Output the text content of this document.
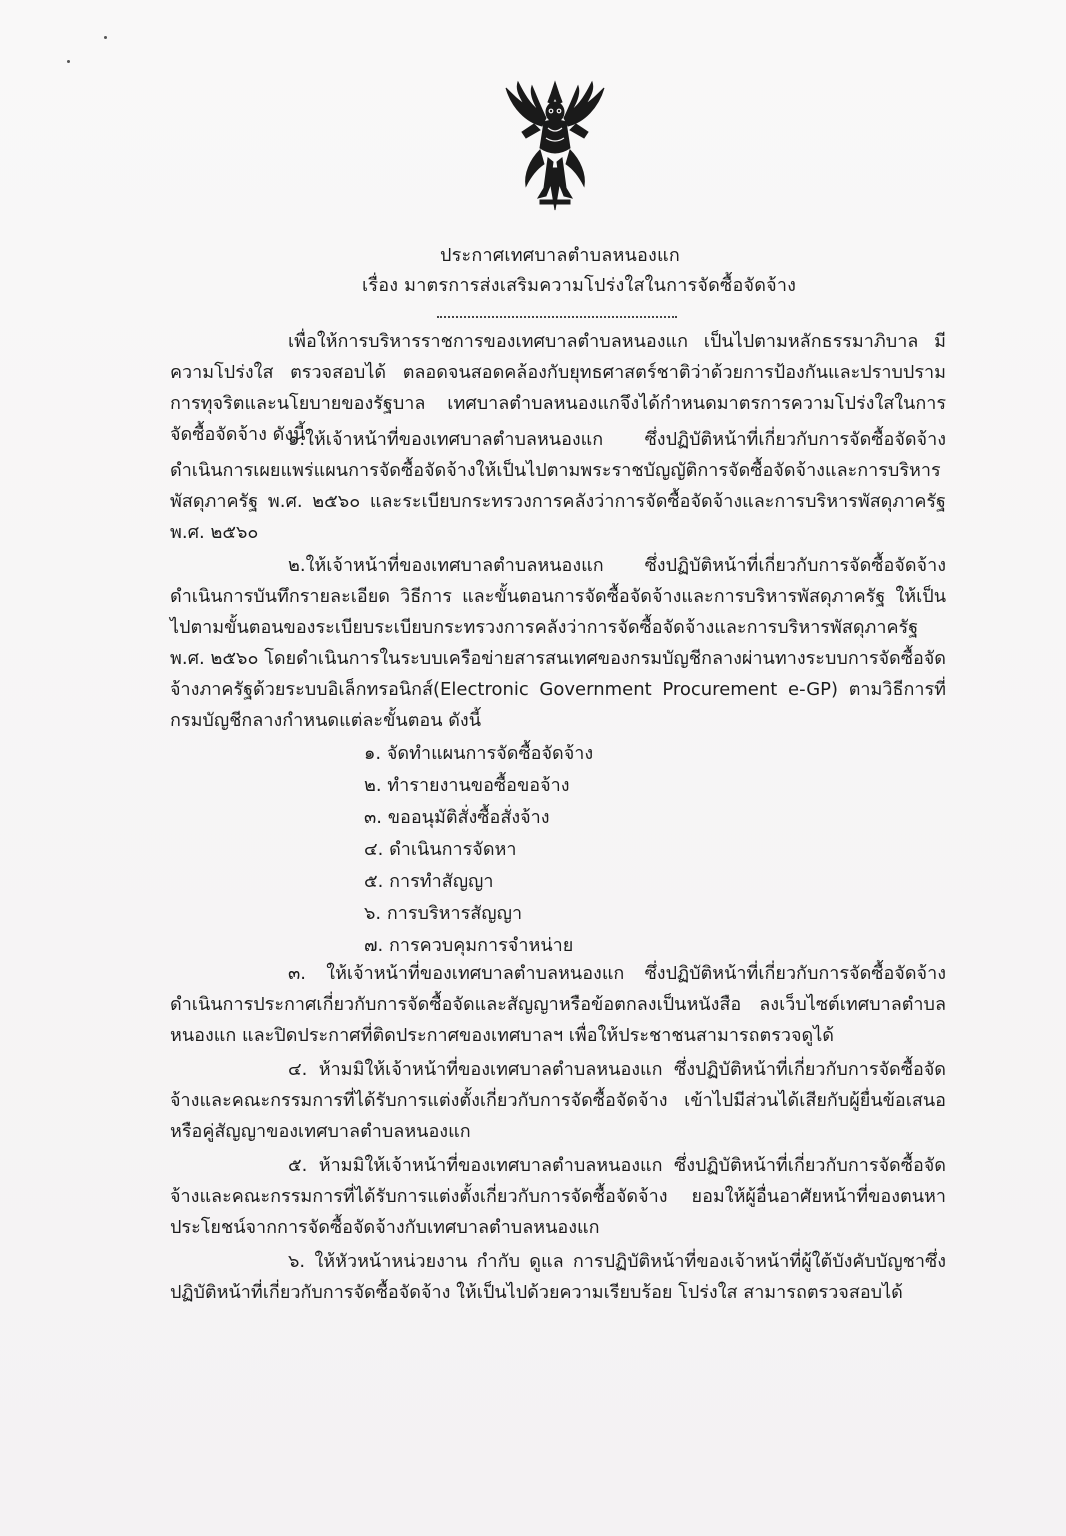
ประกาศเทศบาลตำบลหนองแก
เรื่อง มาตรการส่งเสริมความโปร่งใสในการจัดซื้อจัดจ้าง

เพื่อให้การบริหารราชการของเทศบาลตำบลหนองแก เป็นไปตามหลักธรรมาภิบาล มีความโปร่งใส ตรวจสอบได้ ตลอดจนสอดคล้องกับยุทธศาสตร์ชาติว่าด้วยการป้องกันและปราบปรามการทุจริตและนโยบายของรัฐบาล เทศบาลตำบลหนองแกจึงได้กำหนดมาตรการความโปร่งใสในการจัดซื้อจัดจ้าง ดังนี้

๑.ให้เจ้าหน้าที่ของเทศบาลตำบลหนองแก ซึ่งปฏิบัติหน้าที่เกี่ยวกับการจัดซื้อจัดจ้างดำเนินการเผยแพร่แผนการจัดซื้อจัดจ้างให้เป็นไปตามพระราชบัญญัติการจัดซื้อจัดจ้างและการบริหารพัสดุภาครัฐ พ.ศ. ๒๕๖๐ และระเบียบกระทรวงการคลังว่าการจัดซื้อจัดจ้างและการบริหารพัสดุภาครัฐ พ.ศ. ๒๕๖๐

๒.ให้เจ้าหน้าที่ของเทศบาลตำบลหนองแก ซึ่งปฏิบัติหน้าที่เกี่ยวกับการจัดซื้อจัดจ้างดำเนินการบันทึกรายละเอียด วิธีการ และขั้นตอนการจัดซื้อจัดจ้างและการบริหารพัสดุภาครัฐ ให้เป็นไปตามขั้นตอนของระเบียบระเบียบกระทรวงการคลังว่าการจัดซื้อจัดจ้างและการบริหารพัสดุภาครัฐ พ.ศ. ๒๕๖๐ โดยดำเนินการในระบบเครือข่ายสารสนเทศของกรมบัญชีกลางผ่านทางระบบการจัดซื้อจัดจ้างภาครัฐด้วยระบบอิเล็กทรอนิกส์(Electronic Government Procurement e-GP) ตามวิธีการที่กรมบัญชีกลางกำหนดแต่ละขั้นตอน ดังนี้

๑. จัดทำแผนการจัดซื้อจัดจ้าง
๒. ทำรายงานขอซื้อขอจ้าง
๓. ขออนุมัติสั่งซื้อสั่งจ้าง
๔. ดำเนินการจัดหา
๕. การทำสัญญา
๖. การบริหารสัญญา
๗. การควบคุมการจำหน่าย

๓. ให้เจ้าหน้าที่ของเทศบาลตำบลหนองแก ซึ่งปฏิบัติหน้าที่เกี่ยวกับการจัดซื้อจัดจ้างดำเนินการประกาศเกี่ยวกับการจัดซื้อจัดและสัญญาหรือข้อตกลงเป็นหนังสือ ลงเว็บไซต์เทศบาลตำบลหนองแก และปิดประกาศที่ติดประกาศของเทศบาลฯ เพื่อให้ประชาชนสามารถตรวจดูได้

๔. ห้ามมิให้เจ้าหน้าที่ของเทศบาลตำบลหนองแก ซึ่งปฏิบัติหน้าที่เกี่ยวกับการจัดซื้อจัดจ้างและคณะกรรมการที่ได้รับการแต่งตั้งเกี่ยวกับการจัดซื้อจัดจ้าง เข้าไปมีส่วนได้เสียกับผู้ยื่นข้อเสนอหรือคู่สัญญาของเทศบาลตำบลหนองแก

๕. ห้ามมิให้เจ้าหน้าที่ของเทศบาลตำบลหนองแก ซึ่งปฏิบัติหน้าที่เกี่ยวกับการจัดซื้อจัดจ้างและคณะกรรมการที่ได้รับการแต่งตั้งเกี่ยวกับการจัดซื้อจัดจ้าง ยอมให้ผู้อื่นอาศัยหน้าที่ของตนหาประโยชน์จากการจัดซื้อจัดจ้างกับเทศบาลตำบลหนองแก

๖. ให้หัวหน้าหน่วยงาน กำกับ ดูแล การปฏิบัติหน้าที่ของเจ้าหน้าที่ผู้ใต้บังคับบัญชาซึ่งปฏิบัติหน้าที่เกี่ยวกับการจัดซื้อจัดจ้าง ให้เป็นไปด้วยความเรียบร้อย โปร่งใส สามารถตรวจสอบได้
